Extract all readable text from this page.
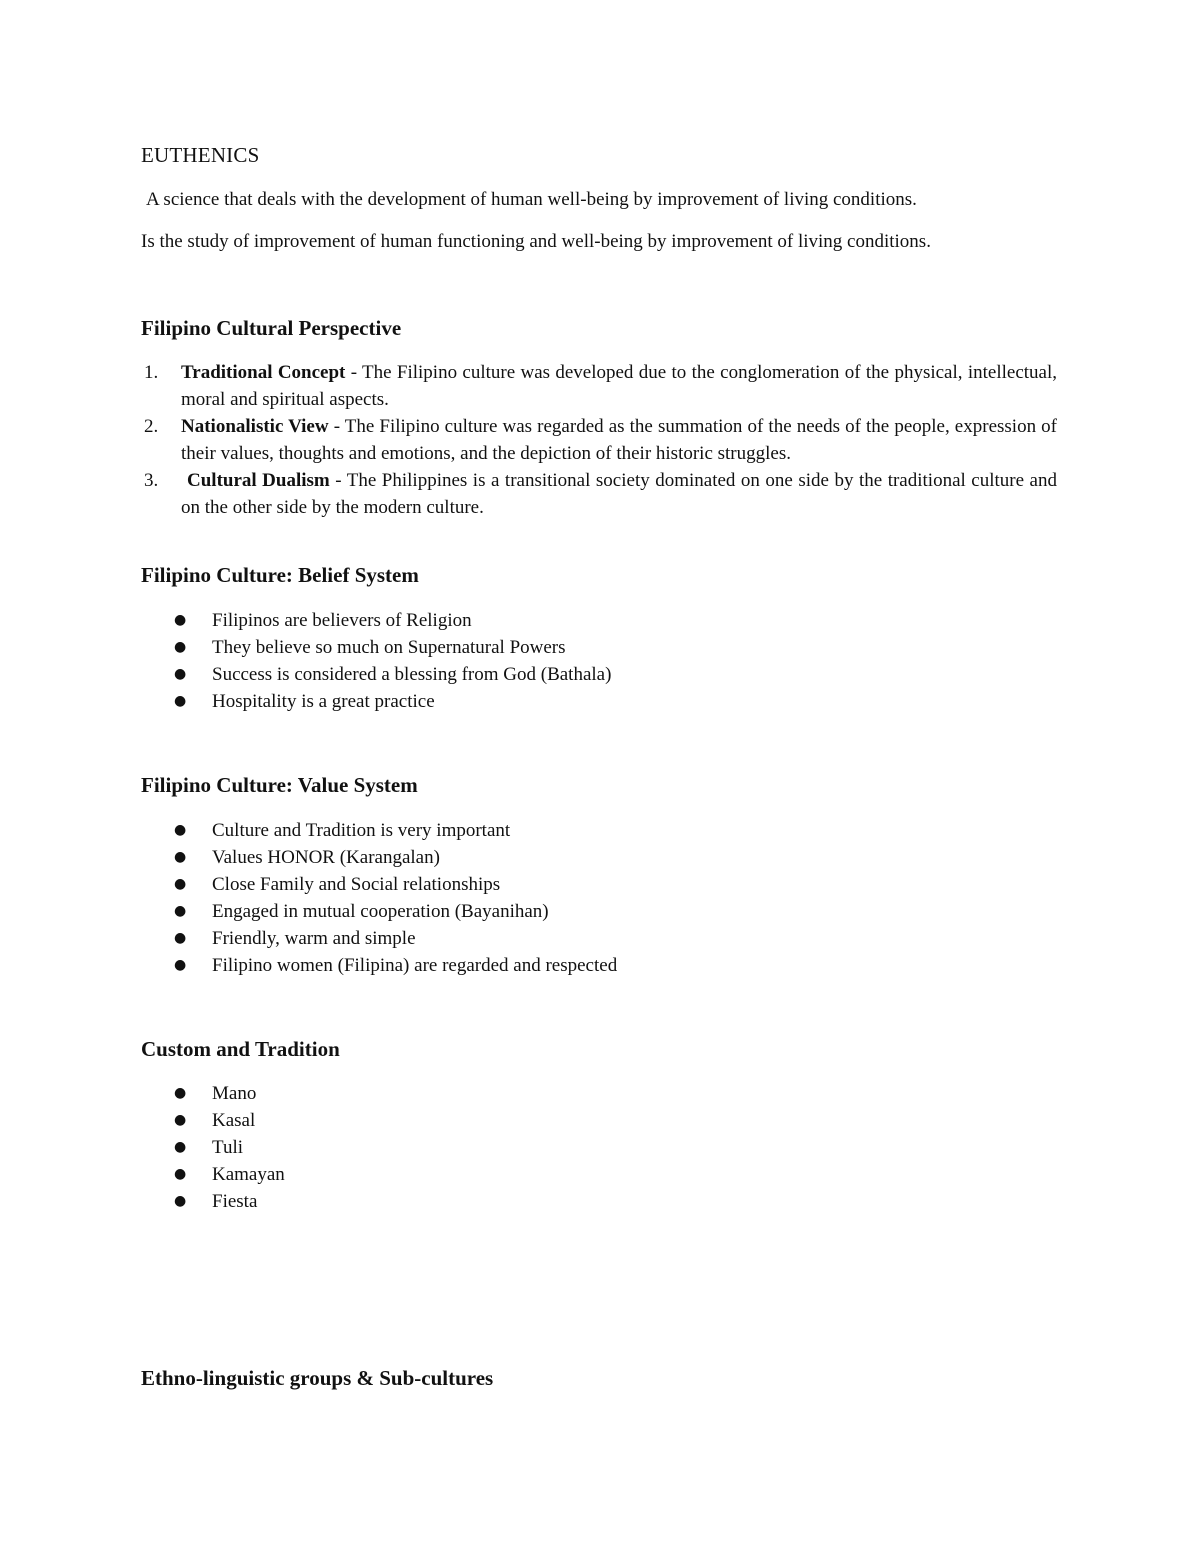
EUTHENICS

A science that deals with the development of human well-being by improvement of living conditions.

Is the study of improvement of human functioning and well-being by improvement of living conditions.

Filipino Cultural Perspective
1. Traditional Concept - The Filipino culture was developed due to the conglomeration of the physical, intellectual, moral and spiritual aspects.
2. Nationalistic View - The Filipino culture was regarded as the summation of the needs of the people, expression of their values, thoughts and emotions, and the depiction of their historic struggles.
3. Cultural Dualism - The Philippines is a transitional society dominated on one side by the traditional culture and on the other side by the modern culture.
Filipino Culture: Belief System
● Filipinos are believers of Religion
● They believe so much on Supernatural Powers
● Success is considered a blessing from God (Bathala)
● Hospitality is a great practice
Filipino Culture: Value System
● Culture and Tradition is very important
● Values HONOR (Karangalan)
● Close Family and Social relationships
● Engaged in mutual cooperation (Bayanihan)
● Friendly, warm and simple
● Filipino women (Filipina) are regarded and respected
Custom and Tradition
● Mano
● Kasal
● Tuli
● Kamayan
● Fiesta
Ethno-linguistic groups & Sub-cultures
